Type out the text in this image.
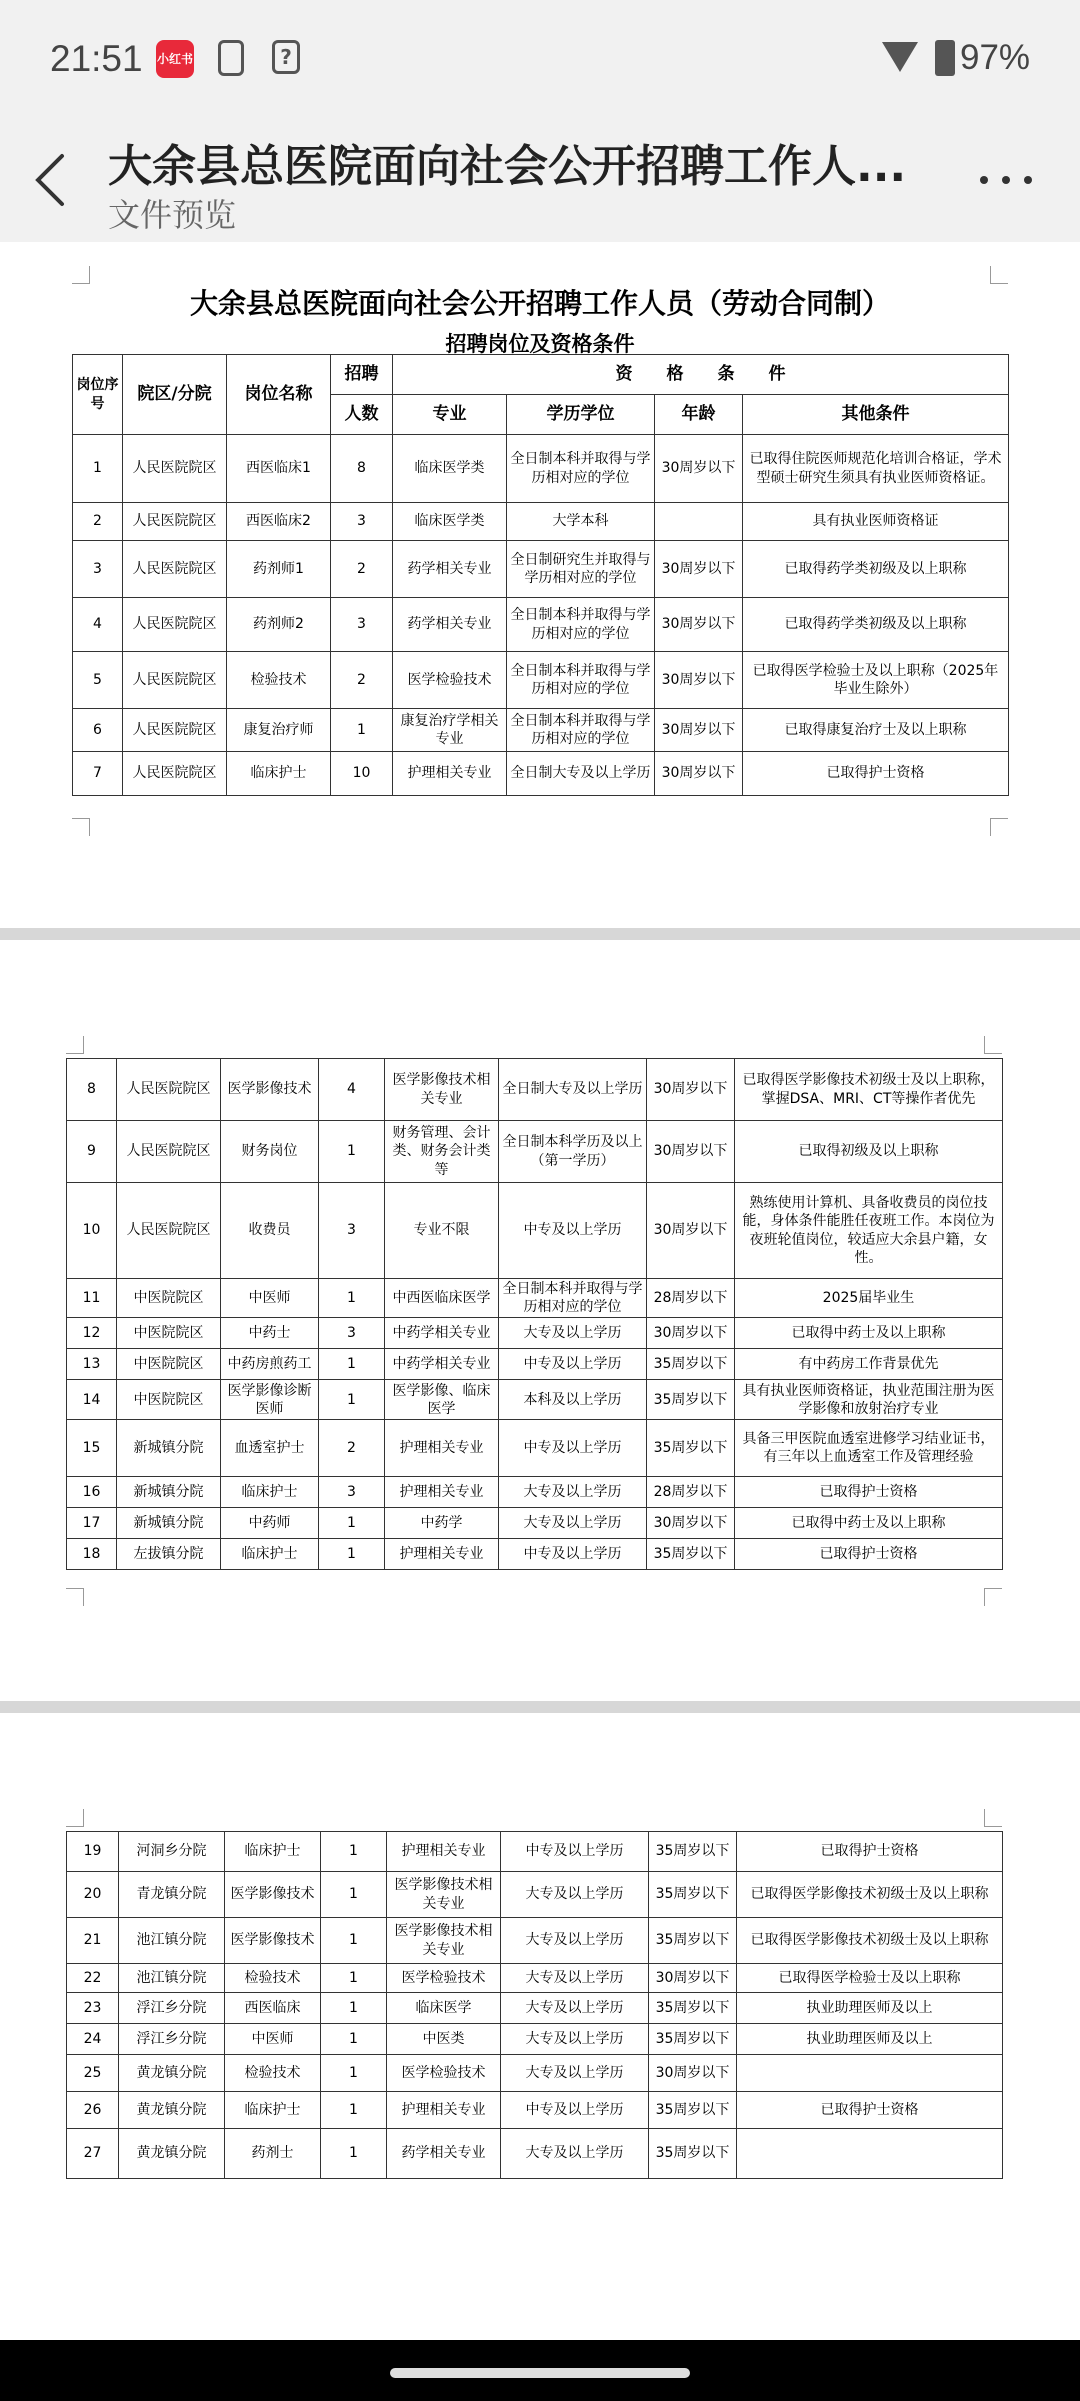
21:51 小红书	?	97%
大余县总医院面向社会公开招聘工作人...
文件预览
大余县总医院面向社会公开招聘工作人员（劳动合同制）
招聘岗位及资格条件
岗位序号	院区/分院	岗位名称	招聘	资　　格　　条　　件			
			人数	专业	学历学位	年龄	其他条件
1	人民医院院区	西医临床1	8	临床医学类	全日制本科并取得与学历相对应的学位	30周岁以下	已取得住院医师规范化培训合格证，学术型硕士研究生须具有执业医师资格证。
2	人民医院院区	西医临床2	3	临床医学类	大学本科		具有执业医师资格证
3	人民医院院区	药剂师1	2	药学相关专业	全日制研究生并取得与学历相对应的学位	30周岁以下	已取得药学类初级及以上职称
4	人民医院院区	药剂师2	3	药学相关专业	全日制本科并取得与学历相对应的学位	30周岁以下	已取得药学类初级及以上职称
5	人民医院院区	检验技术	2	医学检验技术	全日制本科并取得与学历相对应的学位	30周岁以下	已取得医学检验士及以上职称（2025年毕业生除外）
6	人民医院院区	康复治疗师	1	康复治疗学相关专业	全日制本科并取得与学历相对应的学位	30周岁以下	已取得康复治疗士及以上职称
7	人民医院院区	临床护士	10	护理相关专业	全日制大专及以上学历	30周岁以下	已取得护士资格
8	人民医院院区	医学影像技术	4	医学影像技术相关专业	全日制大专及以上学历	30周岁以下	已取得医学影像技术初级士及以上职称，掌握DSA、MRI、CT等操作者优先
9	人民医院院区	财务岗位	1	财务管理、会计类、财务会计类等	全日制本科学历及以上（第一学历）	30周岁以下	已取得初级及以上职称
10	人民医院院区	收费员	3	专业不限	中专及以上学历	30周岁以下	熟练使用计算机、具备收费员的岗位技能，身体条件能胜任夜班工作。本岗位为夜班轮值岗位，较适应大余县户籍，女性。
11	中医院院区	中医师	1	中西医临床医学	全日制本科并取得与学历相对应的学位	28周岁以下	2025届毕业生
12	中医院院区	中药士	3	中药学相关专业	大专及以上学历	30周岁以下	已取得中药士及以上职称
13	中医院院区	中药房煎药工	1	中药学相关专业	中专及以上学历	35周岁以下	有中药房工作背景优先
14	中医院院区	医学影像诊断医师	1	医学影像、临床医学	本科及以上学历	35周岁以下	具有执业医师资格证，执业范围注册为医学影像和放射治疗专业
15	新城镇分院	血透室护士	2	护理相关专业	中专及以上学历	35周岁以下	具备三甲医院血透室进修学习结业证书，有三年以上血透室工作及管理经验
16	新城镇分院	临床护士	3	护理相关专业	大专及以上学历	28周岁以下	已取得护士资格
17	新城镇分院	中药师	1	中药学	大专及以上学历	30周岁以下	已取得中药士及以上职称
18	左拔镇分院	临床护士	1	护理相关专业	中专及以上学历	35周岁以下	已取得护士资格
19	河洞乡分院	临床护士	1	护理相关专业	中专及以上学历	35周岁以下	已取得护士资格
20	青龙镇分院	医学影像技术	1	医学影像技术相关专业	大专及以上学历	35周岁以下	已取得医学影像技术初级士及以上职称
21	池江镇分院	医学影像技术	1	医学影像技术相关专业	大专及以上学历	35周岁以下	已取得医学影像技术初级士及以上职称
22	池江镇分院	检验技术	1	医学检验技术	大专及以上学历	30周岁以下	已取得医学检验士及以上职称
23	浮江乡分院	西医临床	1	临床医学	大专及以上学历	35周岁以下	执业助理医师及以上
24	浮江乡分院	中医师	1	中医类	大专及以上学历	35周岁以下	执业助理医师及以上
25	黄龙镇分院	检验技术	1	医学检验技术	大专及以上学历	30周岁以下	
26	黄龙镇分院	临床护士	1	护理相关专业	中专及以上学历	35周岁以下	已取得护士资格
27	黄龙镇分院	药剂士	1	药学相关专业	大专及以上学历	35周岁以下	
